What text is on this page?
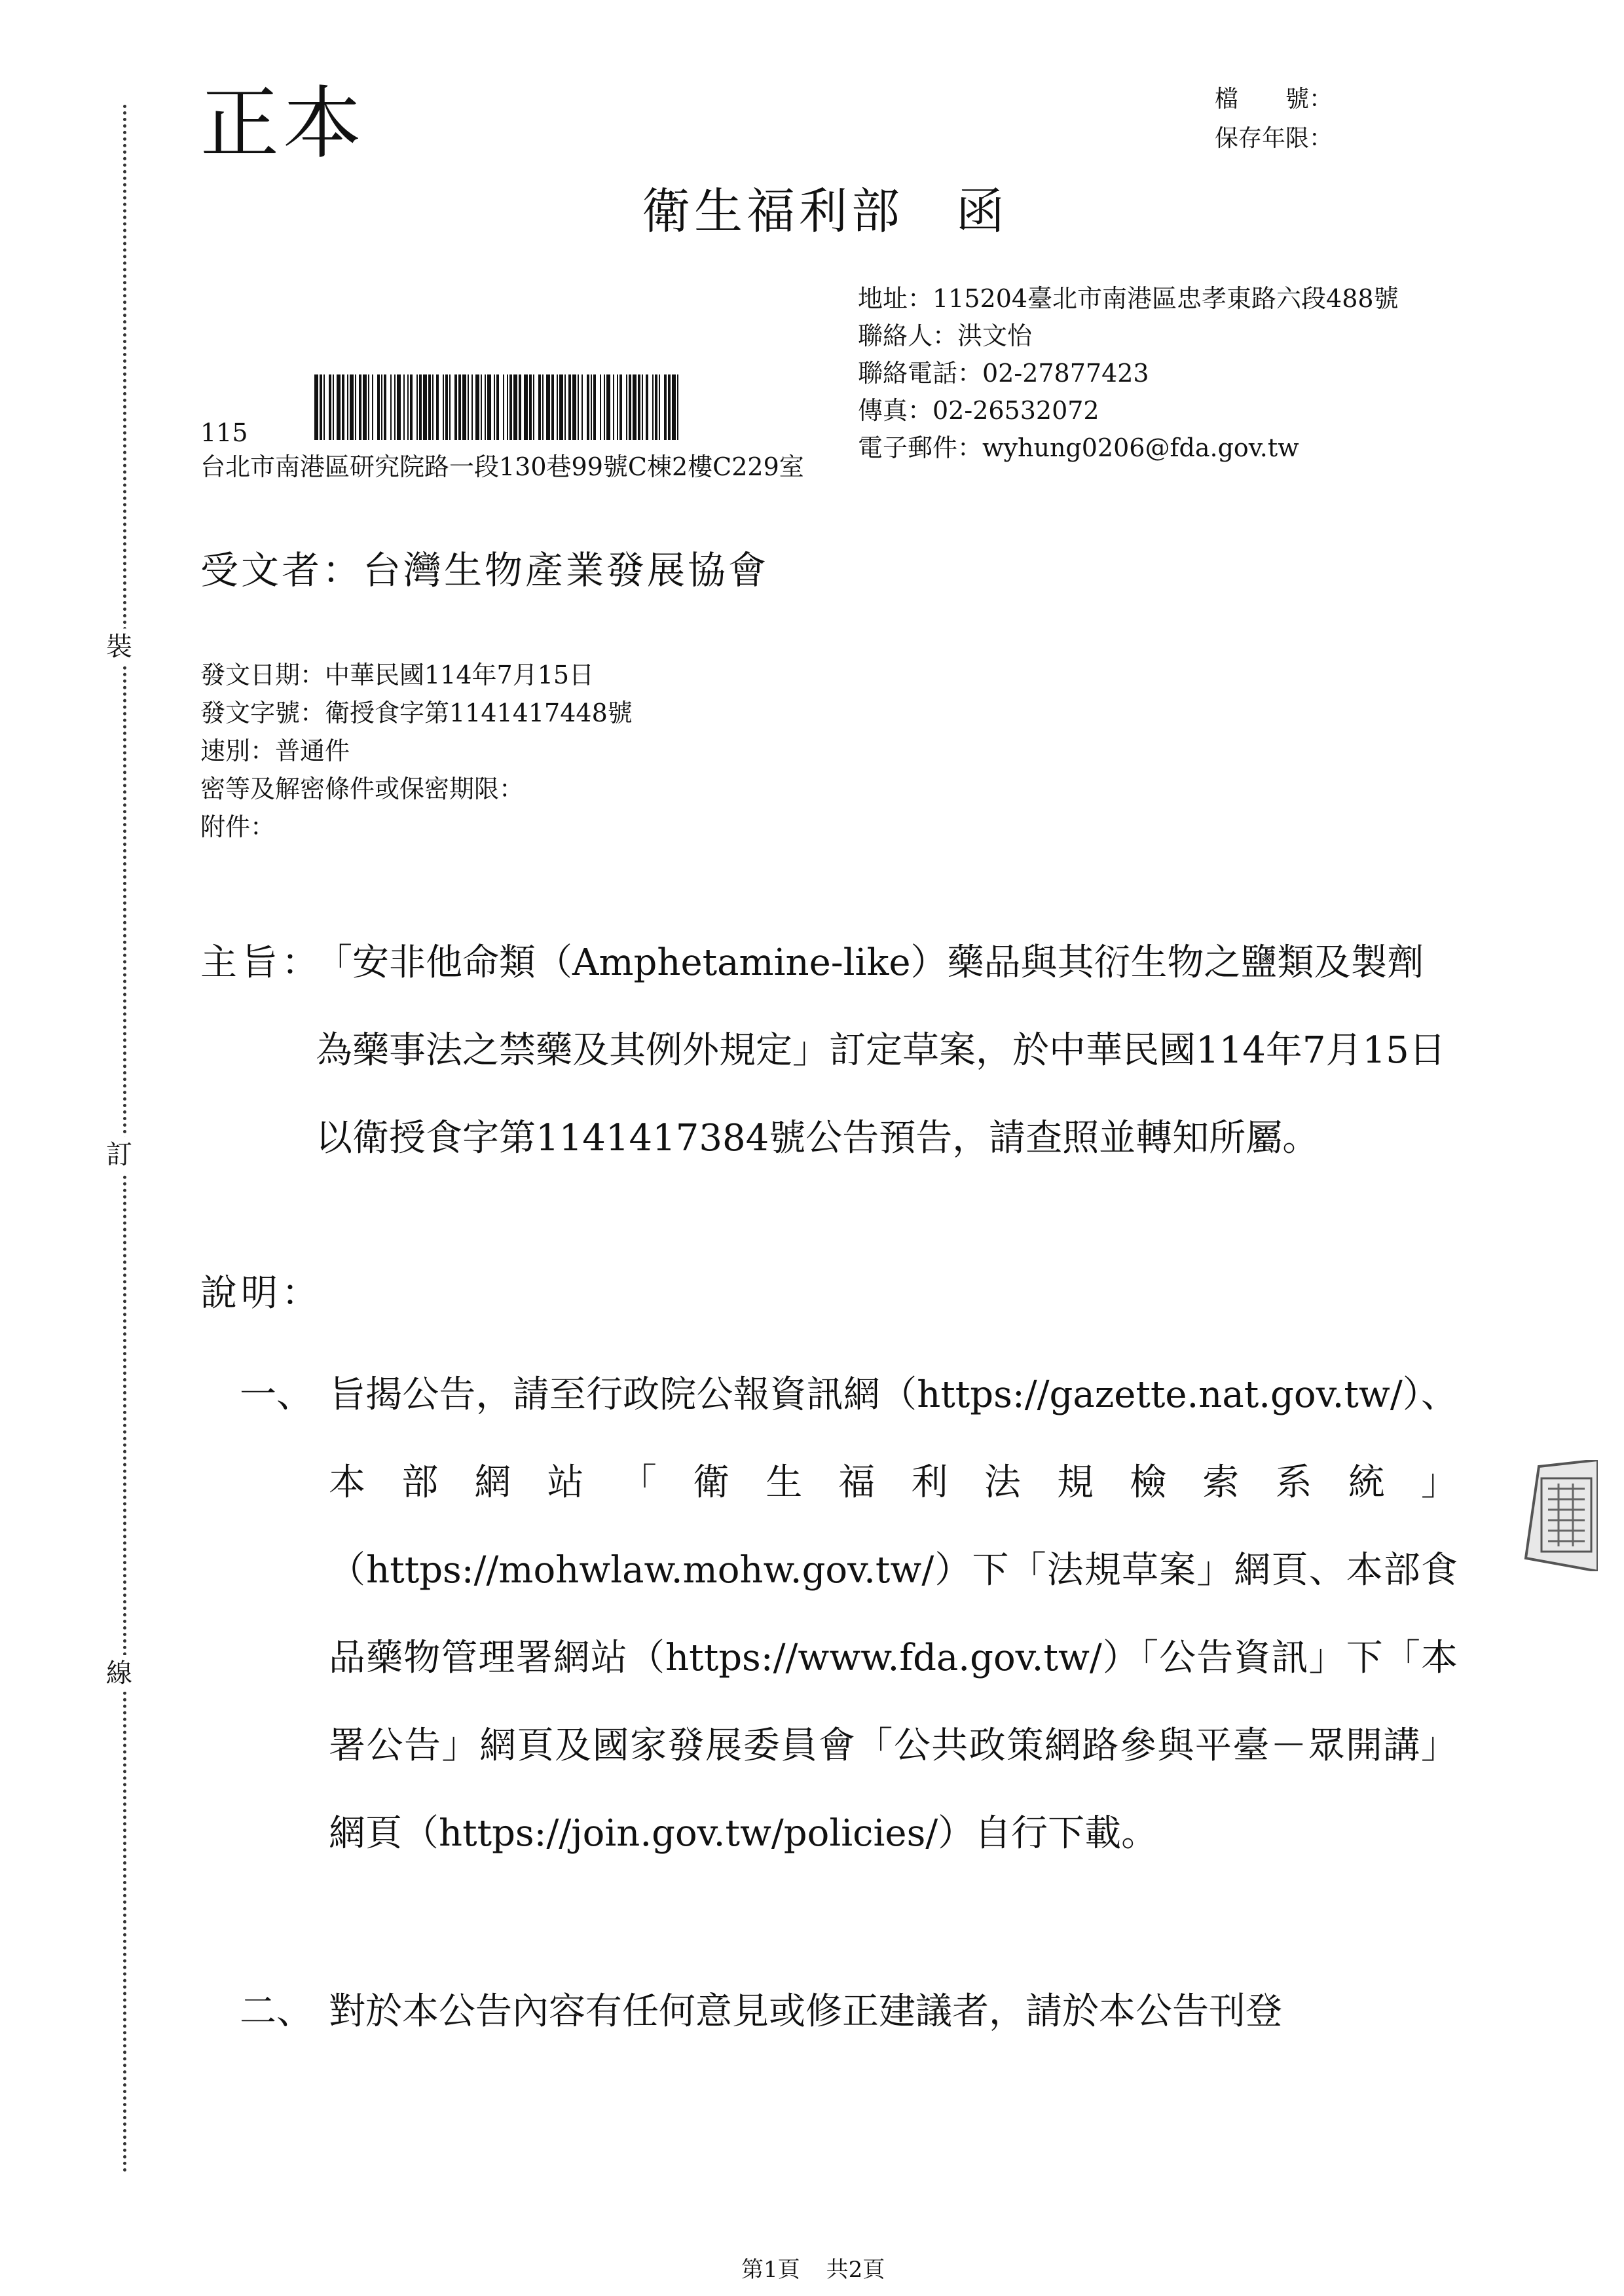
裝
訂
線
正本	檔　　號：
保存年限：
衛生福利部 函
地址：115204臺北市南港區忠孝東路六段488號
聯絡人：洪文怡
聯絡電話：02-27877423
傳真：02-26532072
電子郵件：wyhung0206@fda.gov.tw
115
台北市南港區研究院路一段130巷99號C棟2樓C229室
受文者：台灣生物產業發展協會
發文日期：中華民國114年7月15日
發文字號：衛授食字第1141417448號
速別：普通件
密等及解密條件或保密期限：
附件：
主旨：
「安非他命類（Amphetamine-like）藥品與其衍生物之鹽類及製劑為藥事法之禁藥及其例外規定」訂定草案，於中華民國114年7月15日以衛授食字第1141417384號公告預告，請查照並轉知所屬。
說明：
一、 旨揭公告，請至行政院公報資訊網（https://gazette.nat.gov.tw/）、本部網站「衛生福利法規檢索系統」（https://mohwlaw.mohw.gov.tw/）下「法規草案」網頁、本部食品藥物管理署網站（https://www.fda.gov.tw/）「公告資訊」下「本署公告」網頁及國家發展委員會「公共政策網路參與平臺－眾開講」網頁（https://join.gov.tw/policies/）自行下載。
二、 對於本公告內容有任何意見或修正建議者，請於本公告刊登
第1頁 共2頁
